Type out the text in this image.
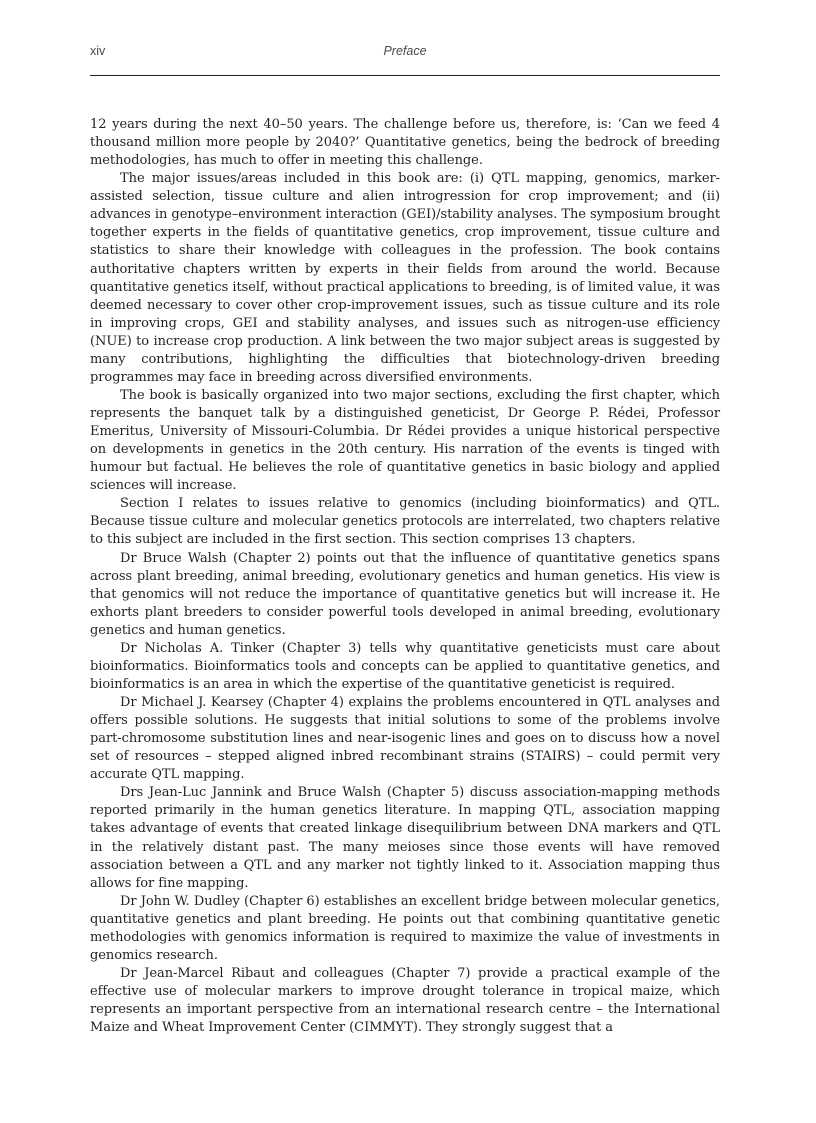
xiv	Preface

12 years during the next 40–50 years. The challenge before us, therefore, is: ‘Can we feed 4 thousand million more people by 2040?’ Quantitative genetics, being the bedrock of breeding methodologies, has much to offer in meeting this challenge.

The major issues/areas included in this book are: (i) QTL mapping, genomics, marker-assisted selection, tissue culture and alien introgression for crop improvement; and (ii) advances in genotype–environment interaction (GEI)/stability analyses. The symposium brought together experts in the fields of quantitative genetics, crop improvement, tissue culture and statistics to share their knowledge with colleagues in the profession. The book contains authoritative chapters written by experts in their fields from around the world. Because quantitative genetics itself, without practical applications to breeding, is of limited value, it was deemed necessary to cover other crop-improvement issues, such as tissue culture and its role in improving crops, GEI and stability analyses, and issues such as nitrogen-use efficiency (NUE) to increase crop production. A link between the two major subject areas is suggested by many contributions, highlighting the difficulties that biotechnology-driven breeding programmes may face in breeding across diversified environments.

The book is basically organized into two major sections, excluding the first chapter, which represents the banquet talk by a distinguished geneticist, Dr George P. Rédei, Professor Emeritus, University of Missouri-Columbia. Dr Rédei provides a unique historical perspective on developments in genetics in the 20th century. His narration of the events is tinged with humour but factual. He believes the role of quantitative genetics in basic biology and applied sciences will increase.

Section I relates to issues relative to genomics (including bioinformatics) and QTL. Because tissue culture and molecular genetics protocols are interrelated, two chapters relative to this subject are included in the first section. This section comprises 13 chapters.

Dr Bruce Walsh (Chapter 2) points out that the influence of quantitative genetics spans across plant breeding, animal breeding, evolutionary genetics and human genetics. His view is that genomics will not reduce the importance of quantitative genetics but will increase it. He exhorts plant breeders to consider powerful tools developed in animal breeding, evolutionary genetics and human genetics.

Dr Nicholas A. Tinker (Chapter 3) tells why quantitative geneticists must care about bioinformatics. Bioinformatics tools and concepts can be applied to quantitative genetics, and bioinformatics is an area in which the expertise of the quantitative geneticist is required.

Dr Michael J. Kearsey (Chapter 4) explains the problems encountered in QTL analyses and offers possible solutions. He suggests that initial solutions to some of the problems involve part-chromosome substitution lines and near-isogenic lines and goes on to discuss how a novel set of resources – stepped aligned inbred recombinant strains (STAIRS) – could permit very accurate QTL mapping.

Drs Jean-Luc Jannink and Bruce Walsh (Chapter 5) discuss association-mapping methods reported primarily in the human genetics literature. In mapping QTL, association mapping takes advantage of events that created linkage disequilibrium between DNA markers and QTL in the relatively distant past. The many meioses since those events will have removed association between a QTL and any marker not tightly linked to it. Association mapping thus allows for fine mapping.

Dr John W. Dudley (Chapter 6) establishes an excellent bridge between molecular genetics, quantitative genetics and plant breeding. He points out that combining quantitative genetic methodologies with genomics information is required to maximize the value of investments in genomics research.

Dr Jean-Marcel Ribaut and colleagues (Chapter 7) provide a practical example of the effective use of molecular markers to improve drought tolerance in tropical maize, which represents an important perspective from an international research centre – the International Maize and Wheat Improvement Center (CIMMYT). They strongly suggest that a
